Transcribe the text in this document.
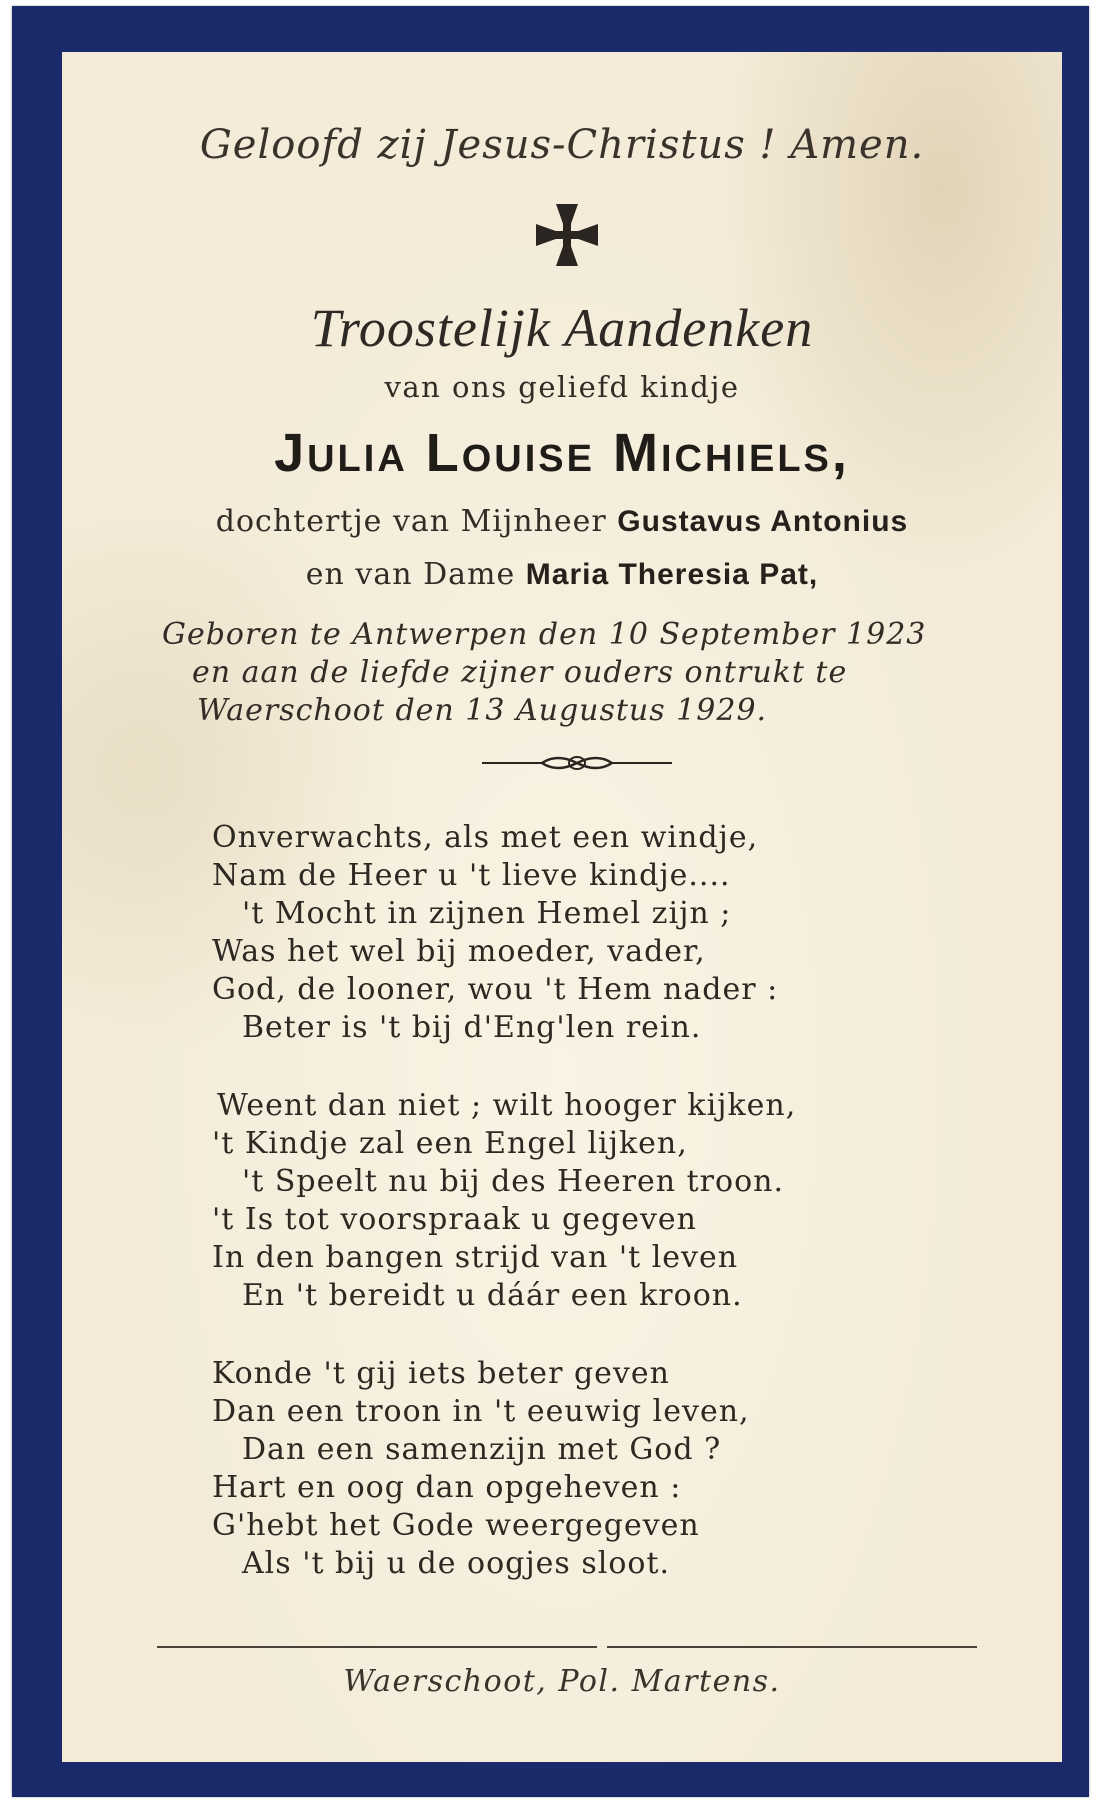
Geloofd zij Jesus-Christus ! Amen.
Troostelijk Aandenken
van ons geliefd kindje
Julia Louise Michiels,
dochtertje van Mijnheer Gustavus Antonius
en van Dame Maria Theresia Pat,
Geboren te Antwerpen den 10 September 1923
en aan de liefde zijner ouders ontrukt te
Waerschoot den 13 Augustus 1929.
Onverwachts, als met een windje,
Nam de Heer u 't lieve kindje....
't Mocht in zijnen Hemel zijn ;
Was het wel bij moeder, vader,
God, de looner, wou 't Hem nader :
Beter is 't bij d'Eng'len rein.
Weent dan niet ; wilt hooger kijken,
't Kindje zal een Engel lijken,
't Speelt nu bij des Heeren troon.
't Is tot voorspraak u gegeven
In den bangen strijd van 't leven
En 't bereidt u dáár een kroon.
Konde 't gij iets beter geven
Dan een troon in 't eeuwig leven,
Dan een samenzijn met God ?
Hart en oog dan opgeheven :
G'hebt het Gode weergegeven
Als 't bij u de oogjes sloot.
Waerschoot, Pol. Martens.
